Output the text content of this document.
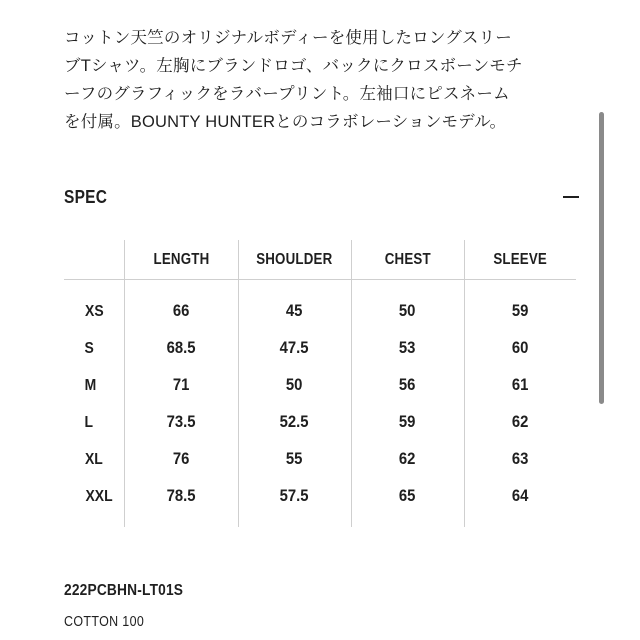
コットン天竺のオリジナルボディーを使用したロングスリー
ブTシャツ。左胸にブランドロゴ、バックにクロスボーンモチ
ーフのグラフィックをラバープリント。左袖口にピスネーム
を付属。BOUNTY HUNTERとのコラボレーションモデル。
SPEC
	LENGTH	SHOULDER	CHEST	SLEEVE
XS	66	45	50	59
S	68.5	47.5	53	60
M	71	50	56	61
L	73.5	52.5	59	62
XL	76	55	62	63
XXL	78.5	57.5	65	64
222PCBHN-LT01S
COTTON 100
